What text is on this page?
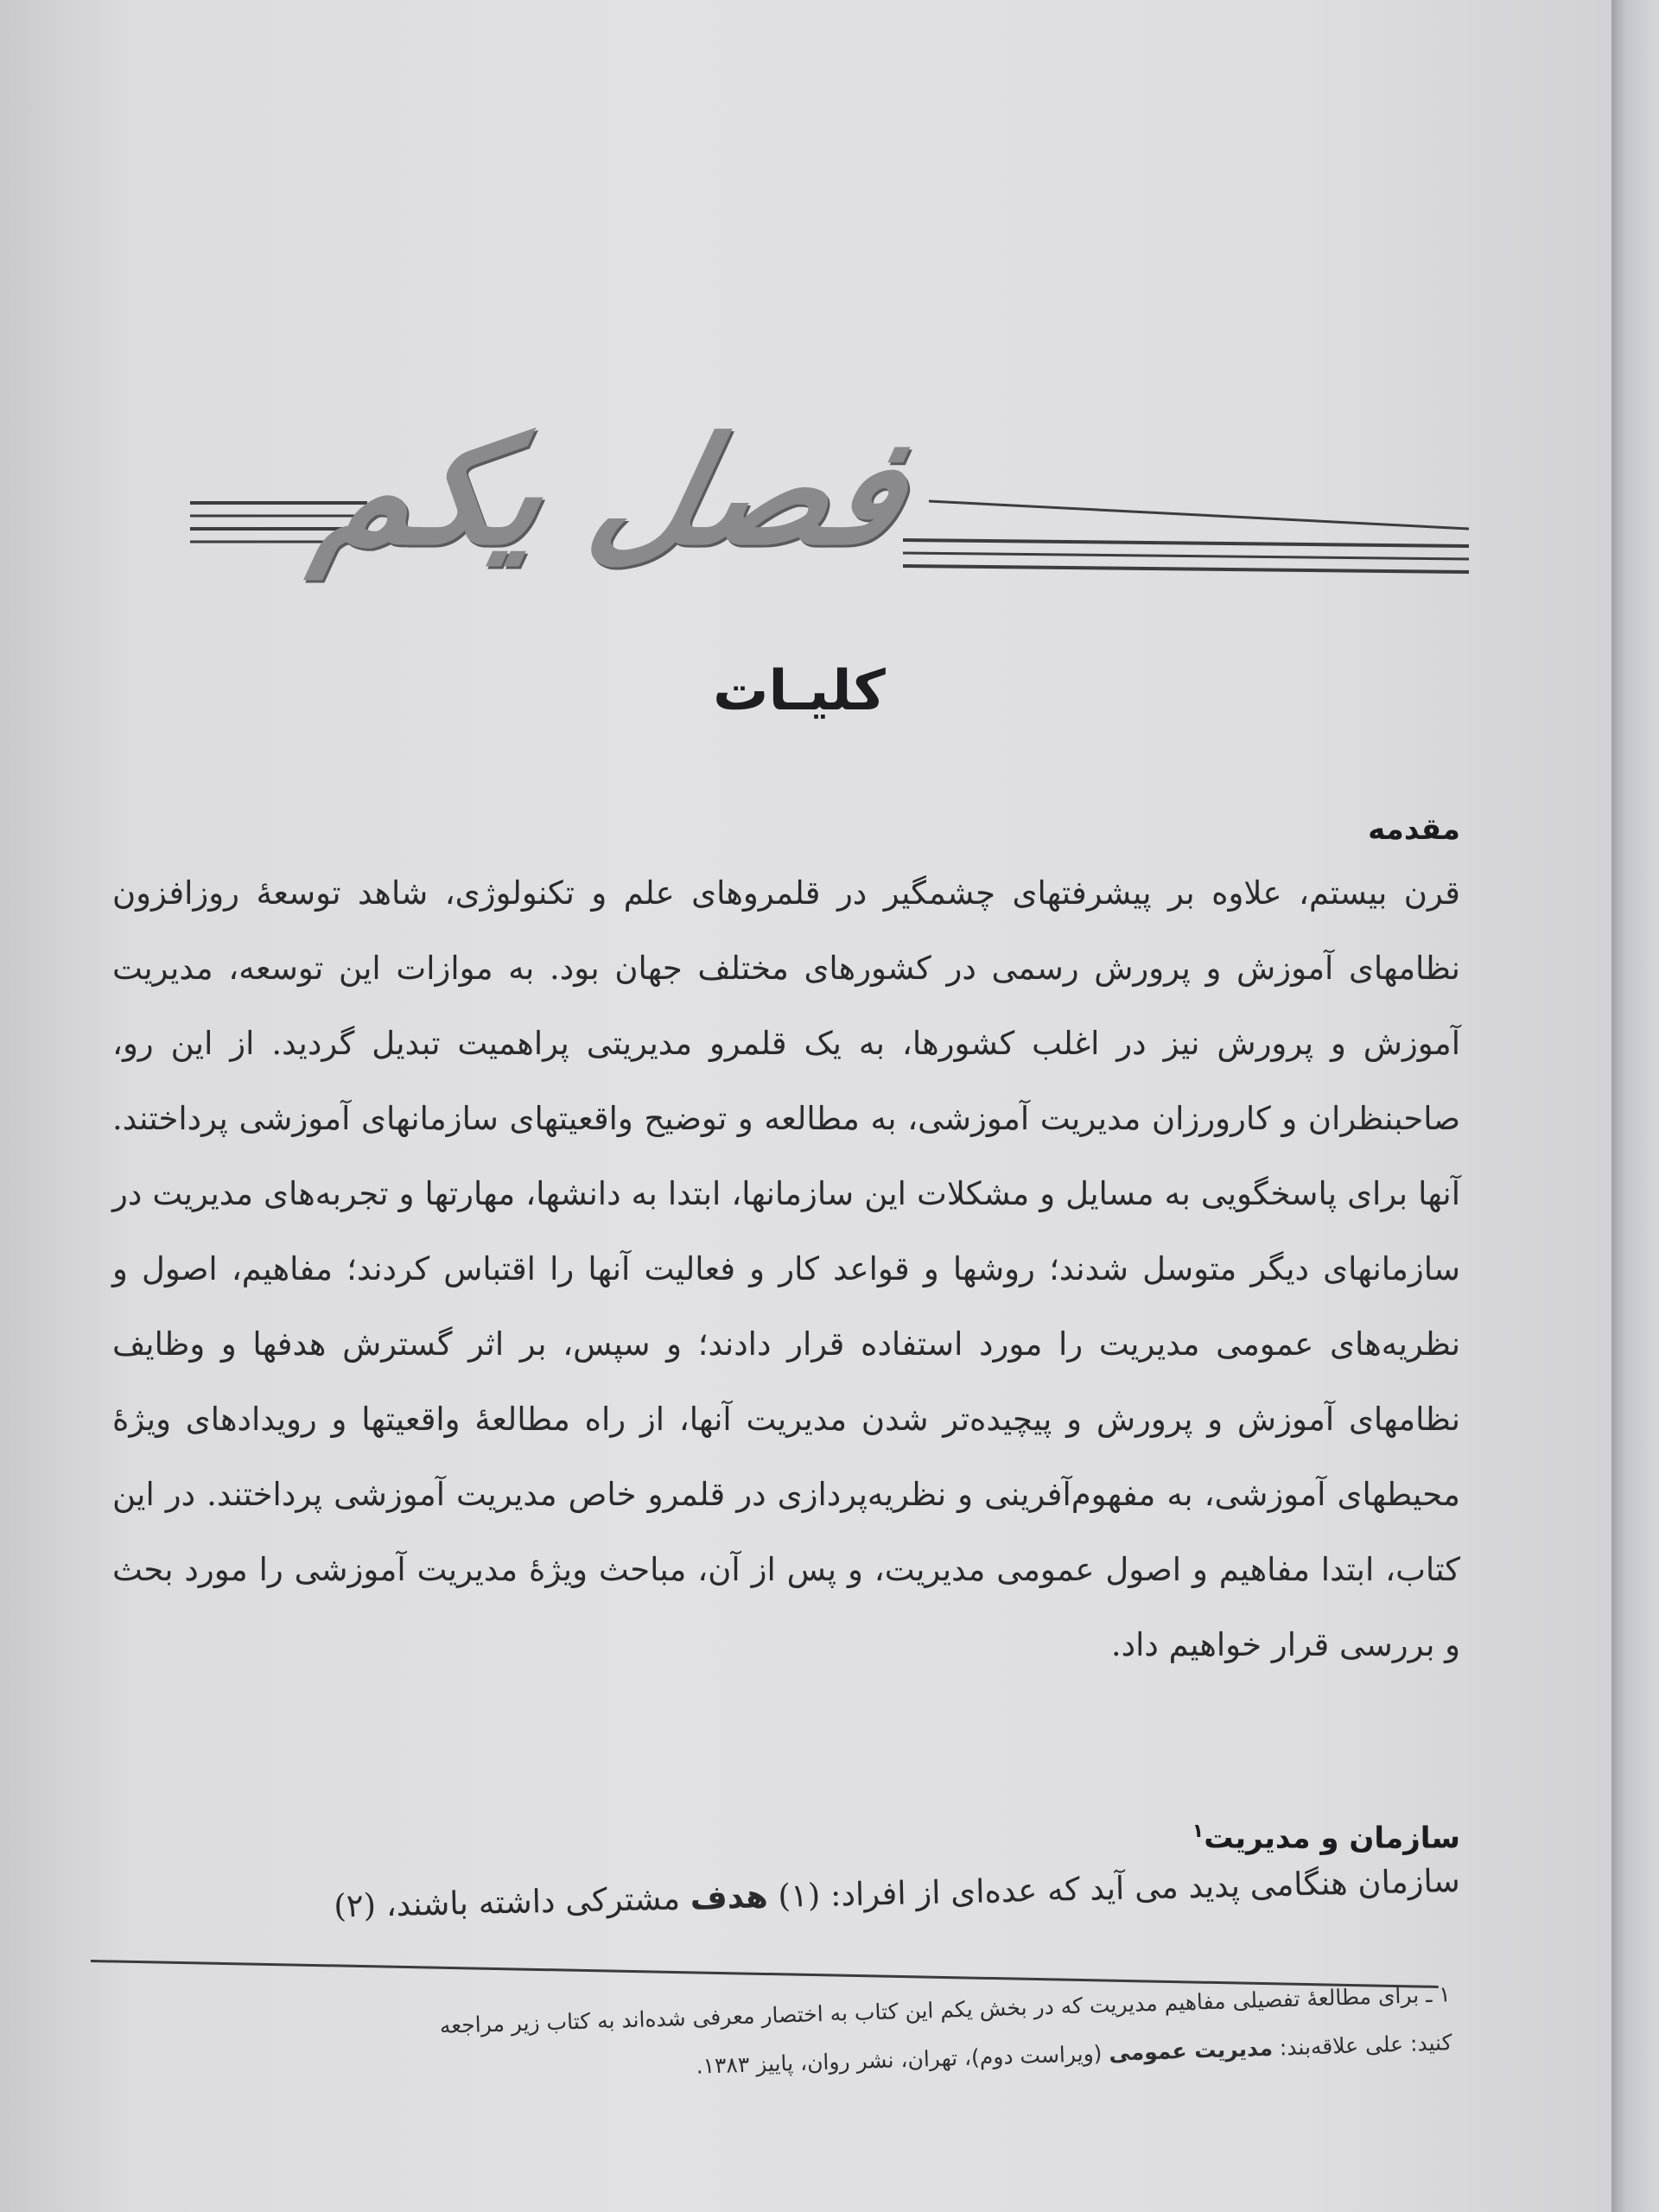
فصل یکم
کلیـات
مقدمه

قرن بیستم، علاوه بر پیشرفتهای چشمگیر در قلمروهای علم و تکنولوژی، شاهد توسعهٔ روزافزون نظامهای آموزش و پرورش رسمی در کشورهای مختلف جهان بود. به موازات این توسعه، مدیریت آموزش و پرورش نیز در اغلب کشورها، به یک قلمرو مدیریتی پراهمیت تبدیل گردید. از این رو، صاحبنظران و کارورزان مدیریت آموزشی، به مطالعه و توضیح واقعیتهای سازمانهای آموزشی پرداختند. آنها برای پاسخگویی به مسایل و مشکلات این سازمانها، ابتدا به دانشها، مهارتها و تجربه‌های مدیریت در سازمانهای دیگر متوسل شدند؛ روشها و قواعد کار و فعالیت آنها را اقتباس کردند؛ مفاهیم، اصول و نظریه‌های عمومی مدیریت را مورد استفاده قرار دادند؛ و سپس، بر اثر گسترش هدفها و وظایف نظامهای آموزش و پرورش و پیچیده‌تر شدن مدیریت آنها، از راه مطالعهٔ واقعیتها و رویدادهای ویژهٔ محیطهای آموزشی، به مفهوم‌آفرینی و نظریه‌پردازی در قلمرو خاص مدیریت آموزشی پرداختند. در این کتاب، ابتدا مفاهیم و اصول عمومی مدیریت، و پس از آن، مباحث ویژهٔ مدیریت آموزشی را مورد بحث و بررسی قرار خواهیم داد.

سازمان و مدیریت$^۱$
سازمان هنگامی پدید می آید که عده‌ای از افراد: (۱) هدف مشترکی داشته باشند، (۲)
۱ ـ برای مطالعهٔ تفصیلی مفاهیم مدیریت که در بخش یکم این کتاب به اختصار معرفی شده‌اند به کتاب زیر مراجعه
کنید: علی علاقه‌بند: مدیریت عمومی (ویراست دوم)، تهران، نشر روان، پاییز ۱۳۸۳.
